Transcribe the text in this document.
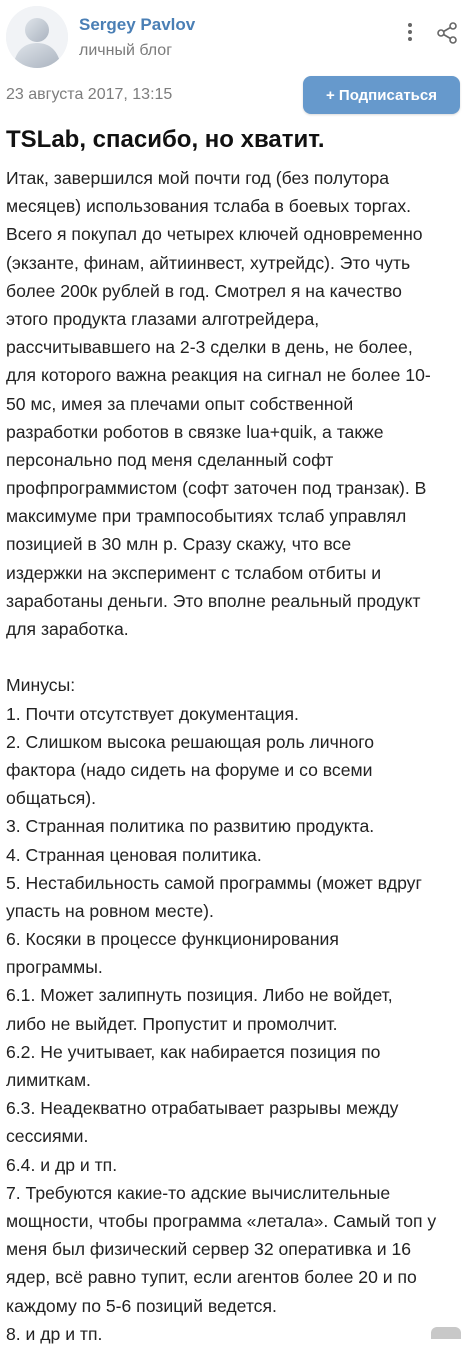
Sergey Pavlov
личный блог
23 августа 2017, 13:15	+ Подписаться
TSLab, спасибо, но хватит.
Итак, завершился мой почти год (без полутора
месяцев) использования тслаба в боевых торгах.
Всего я покупал до четырех ключей одновременно
(экзанте, финам, айтиинвест, хутрейдс). Это чуть
более 200к рублей в год. Смотрел я на качество
этого продукта глазами алготрейдера,
рассчитывавшего на 2-3 сделки в день, не более,
для которого важна реакция на сигнал не более 10-
50 мс, имея за плечами опыт собственной
разработки роботов в связке lua+quik, а также
персонально под меня сделанный софт
профпрограммистом (софт заточен под транзак). В
максимуме при трампособытиях тслаб управлял
позицией в 30 млн р. Сразу скажу, что все
издержки на эксперимент с тслабом отбиты и
заработаны деньги. Это вполне реальный продукт
для заработка.
Минусы:
1. Почти отсутствует документация.
2. Слишком высока решающая роль личного
фактора (надо сидеть на форуме и со всеми
общаться).
3. Странная политика по развитию продукта.
4. Странная ценовая политика.
5. Нестабильность самой программы (может вдруг
упасть на ровном месте).
6. Косяки в процессе функционирования
программы.
6.1. Может залипнуть позиция. Либо не войдет,
либо не выйдет. Пропустит и промолчит.
6.2. Не учитывает, как набирается позиция по
лимиткам.
6.3. Неадекватно отрабатывает разрывы между
сессиями.
6.4. и др и тп.
7. Требуются какие-то адские вычислительные
мощности, чтобы программа «летала». Самый топ у
меня был физический сервер 32 оперативка и 16
ядер, всё равно тупит, если агентов более 20 и по
каждому по 5-6 позиций ведется.
8. и др и тп.
